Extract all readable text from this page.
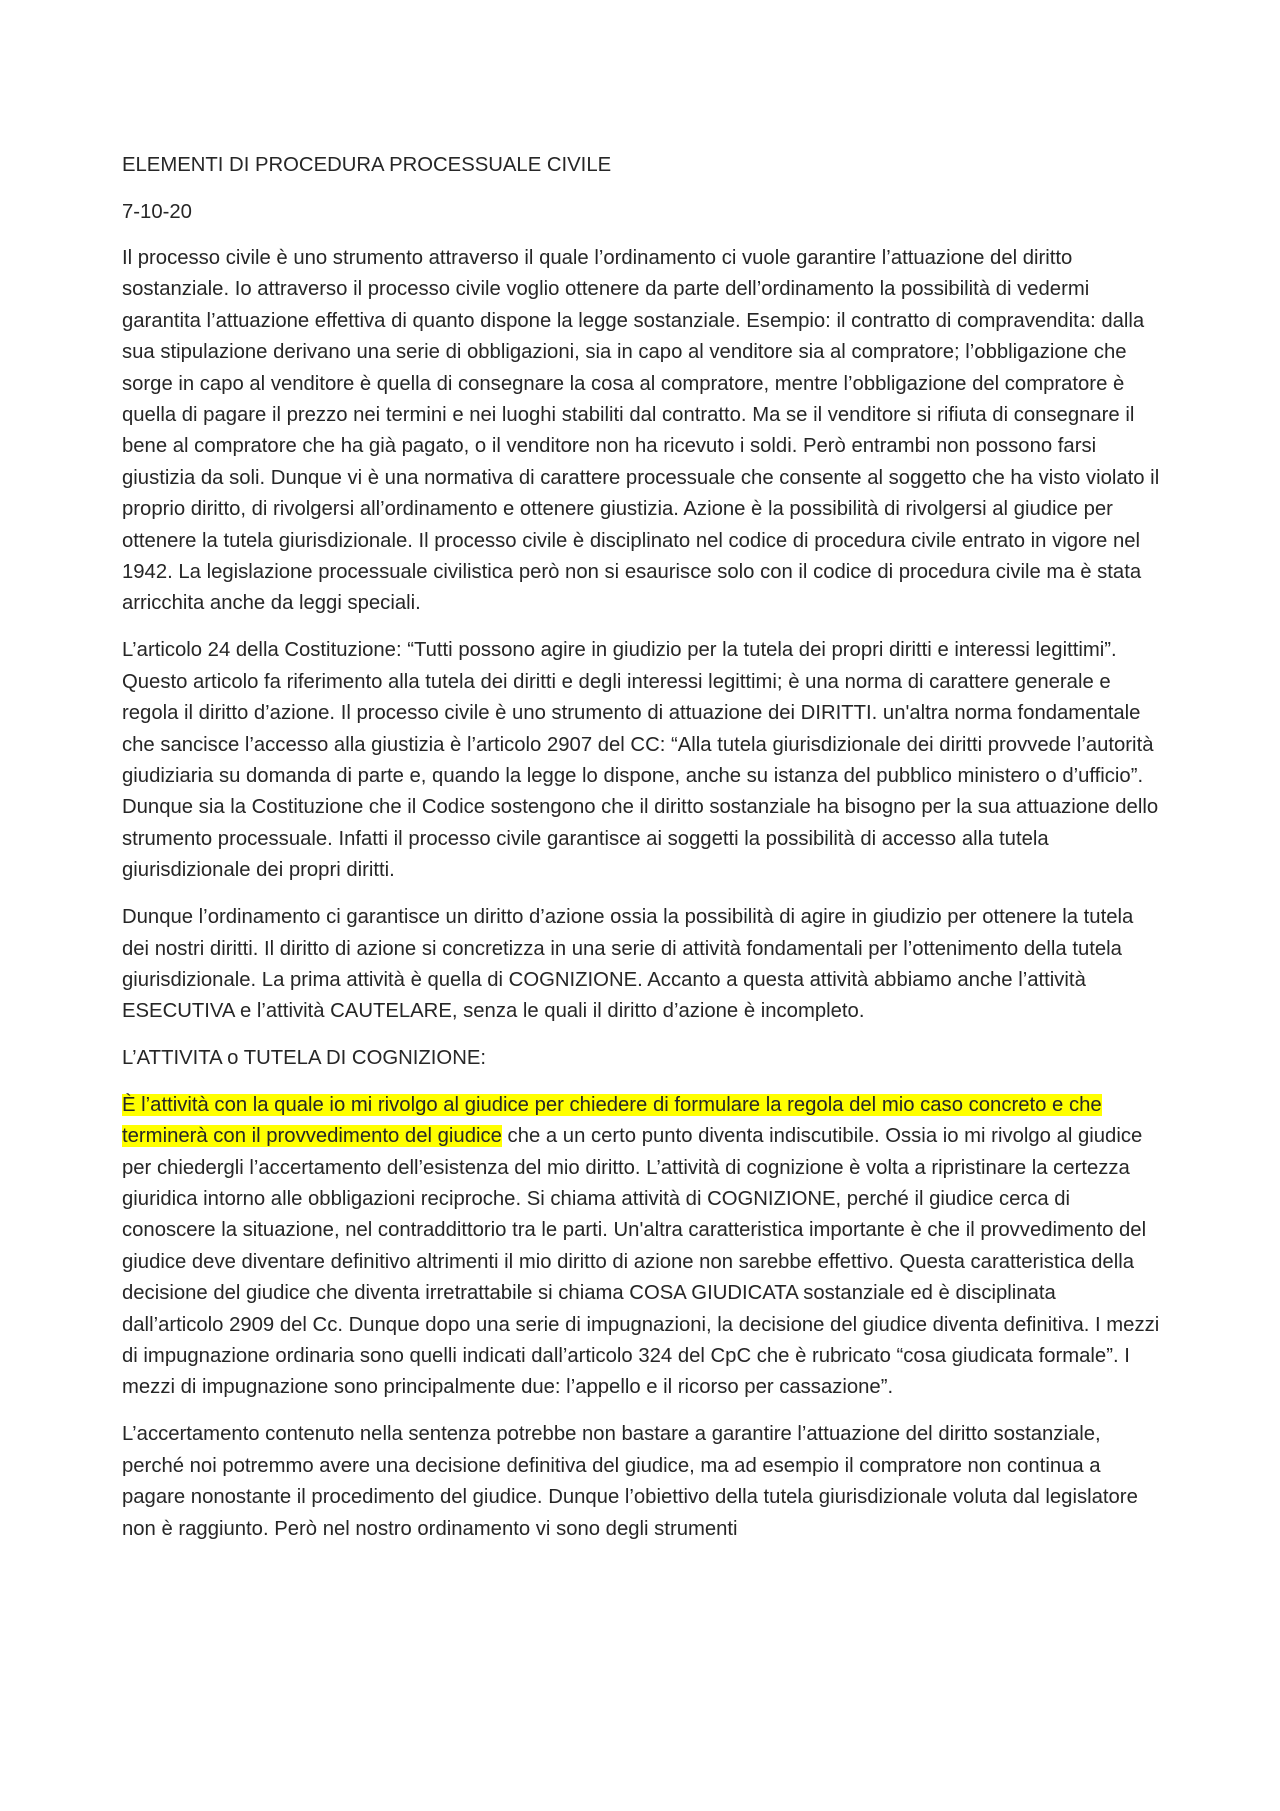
ELEMENTI DI PROCEDURA PROCESSUALE CIVILE

7-10-20

Il processo civile è uno strumento attraverso il quale l’ordinamento ci vuole garantire l’attuazione del diritto sostanziale. Io attraverso il processo civile voglio ottenere da parte dell’ordinamento la possibilità di vedermi garantita l’attuazione effettiva di quanto dispone la legge sostanziale. Esempio: il contratto di compravendita: dalla sua stipulazione derivano una serie di obbligazioni, sia in capo al venditore sia al compratore; l’obbligazione che sorge in capo al venditore è quella di consegnare la cosa al compratore, mentre l’obbligazione del compratore è quella di pagare il prezzo nei termini e nei luoghi stabiliti dal contratto. Ma se il venditore si rifiuta di consegnare il bene al compratore che ha già pagato, o il venditore non ha ricevuto i soldi. Però entrambi non possono farsi giustizia da soli. Dunque vi è una normativa di carattere processuale che consente al soggetto che ha visto violato il proprio diritto, di rivolgersi all’ordinamento e ottenere giustizia. Azione è la possibilità di rivolgersi al giudice per ottenere la tutela giurisdizionale. Il processo civile è disciplinato nel codice di procedura civile entrato in vigore nel 1942. La legislazione processuale civilistica però non si esaurisce solo con il codice di procedura civile ma è stata arricchita anche da leggi speciali.

L’articolo 24 della Costituzione: “Tutti possono agire in giudizio per la tutela dei propri diritti e interessi legittimi”. Questo articolo fa riferimento alla tutela dei diritti e degli interessi legittimi; è una norma di carattere generale e regola il diritto d’azione. Il processo civile è uno strumento di attuazione dei DIRITTI. un'altra norma fondamentale che sancisce l’accesso alla giustizia è l’articolo 2907 del CC: “Alla tutela giurisdizionale dei diritti provvede l’autorità giudiziaria su domanda di parte e, quando la legge lo dispone, anche su istanza del pubblico ministero o d’ufficio”. Dunque sia la Costituzione che il Codice sostengono che il diritto sostanziale ha bisogno per la sua attuazione dello strumento processuale. Infatti il processo civile garantisce ai soggetti la possibilità di accesso alla tutela giurisdizionale dei propri diritti.

Dunque l’ordinamento ci garantisce un diritto d’azione ossia la possibilità di agire in giudizio per ottenere la tutela dei nostri diritti. Il diritto di azione si concretizza in una serie di attività fondamentali per l’ottenimento della tutela giurisdizionale. La prima attività è quella di COGNIZIONE. Accanto a questa attività abbiamo anche l’attività ESECUTIVA e l’attività CAUTELARE, senza le quali il diritto d’azione è incompleto.

L’ATTIVITA o TUTELA DI COGNIZIONE:

È l’attività con la quale io mi rivolgo al giudice per chiedere di formulare la regola del mio caso concreto e che terminerà con il provvedimento del giudice che a un certo punto diventa indiscutibile. Ossia io mi rivolgo al giudice per chiedergli l’accertamento dell’esistenza del mio diritto. L’attività di cognizione è volta a ripristinare la certezza giuridica intorno alle obbligazioni reciproche. Si chiama attività di COGNIZIONE, perché il giudice cerca di conoscere la situazione, nel contraddittorio tra le parti. Un'altra caratteristica importante è che il provvedimento del giudice deve diventare definitivo altrimenti il mio diritto di azione non sarebbe effettivo. Questa caratteristica della decisione del giudice che diventa irretrattabile si chiama COSA GIUDICATA sostanziale ed è disciplinata dall’articolo 2909 del Cc. Dunque dopo una serie di impugnazioni, la decisione del giudice diventa definitiva. I mezzi di impugnazione ordinaria sono quelli indicati dall’articolo 324 del CpC che è rubricato “cosa giudicata formale”. I mezzi di impugnazione sono principalmente due: l’appello e il ricorso per cassazione”.

L’accertamento contenuto nella sentenza potrebbe non bastare a garantire l’attuazione del diritto sostanziale, perché noi potremmo avere una decisione definitiva del giudice, ma ad esempio il compratore non continua a pagare nonostante il procedimento del giudice. Dunque l’obiettivo della tutela giurisdizionale voluta dal legislatore non è raggiunto. Però nel nostro ordinamento vi sono degli strumenti
